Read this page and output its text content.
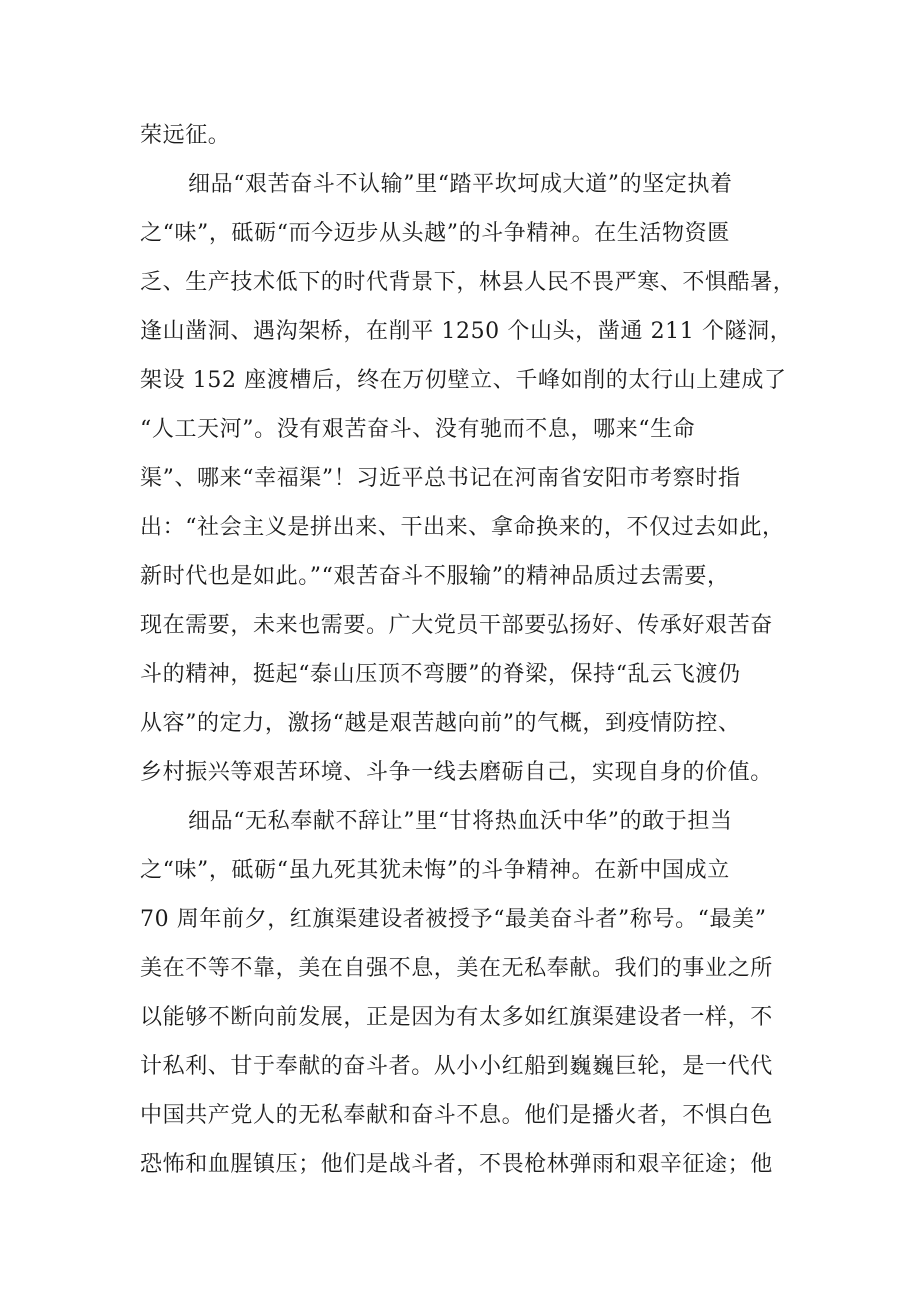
荣远征。
细品“艰苦奋斗不认输”里“踏平坎坷成大道”的坚定执着
之“味”，砥砺“而今迈步从头越”的斗争精神。在生活物资匮
乏、生产技术低下的时代背景下，林县人民不畏严寒、不惧酷暑，
逢山凿洞、遇沟架桥，在削平 1250 个山头，凿通 211 个隧洞，
架设 152 座渡槽后，终在万仞壁立、千峰如削的太行山上建成了
“人工天河”。没有艰苦奋斗、没有驰而不息，哪来“生命
渠”、哪来“幸福渠”！习近平总书记在河南省安阳市考察时指
出：“社会主义是拼出来、干出来、拿命换来的，不仅过去如此，
新时代也是如此。”“艰苦奋斗不服输”的精神品质过去需要，
现在需要，未来也需要。广大党员干部要弘扬好、传承好艰苦奋
斗的精神，挺起“泰山压顶不弯腰”的脊梁，保持“乱云飞渡仍
从容”的定力，激扬“越是艰苦越向前”的气概，到疫情防控、
乡村振兴等艰苦环境、斗争一线去磨砺自己，实现自身的价值。
细品“无私奉献不辞让”里“甘将热血沃中华”的敢于担当
之“味”，砥砺“虽九死其犹未悔”的斗争精神。在新中国成立
70 周年前夕，红旗渠建设者被授予“最美奋斗者”称号。“最美”
美在不等不靠，美在自强不息，美在无私奉献。我们的事业之所
以能够不断向前发展，正是因为有太多如红旗渠建设者一样，不
计私利、甘于奉献的奋斗者。从小小红船到巍巍巨轮，是一代代
中国共产党人的无私奉献和奋斗不息。他们是播火者，不惧白色
恐怖和血腥镇压；他们是战斗者，不畏枪林弹雨和艰辛征途；他
